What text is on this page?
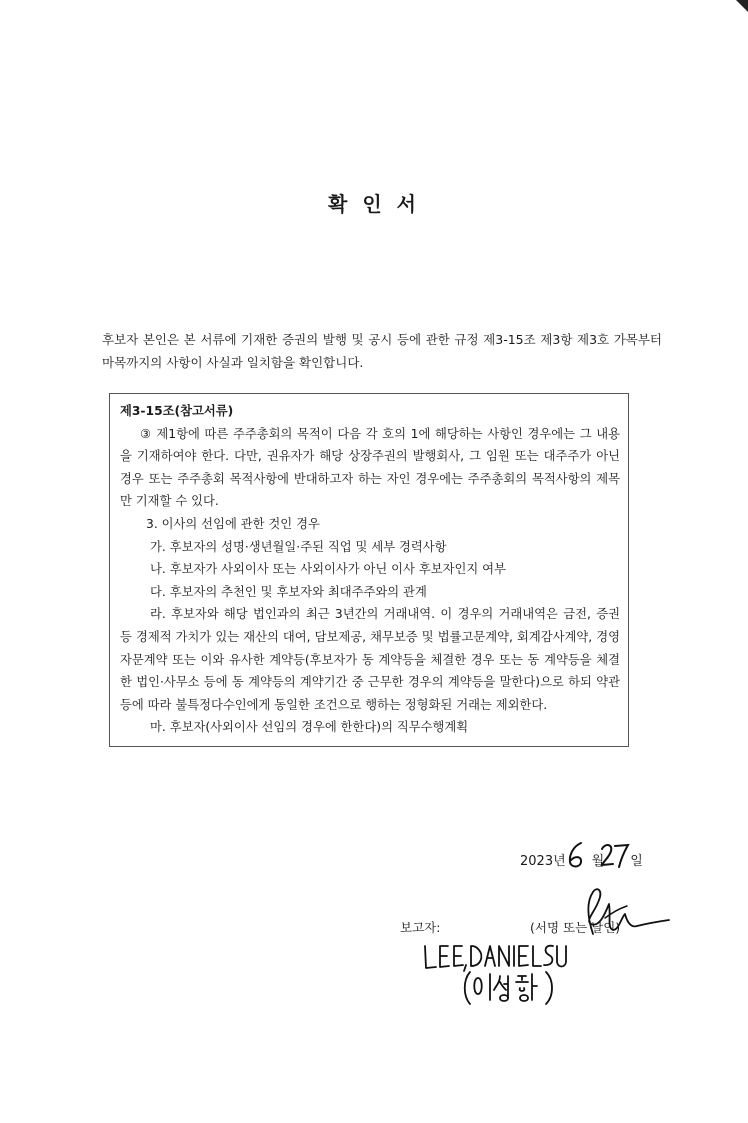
확 인 서
후보자 본인은 본 서류에 기재한 증권의 발행 및 공시 등에 관한 규정 제3-15조 제3항 제3호 가목부터 마목까지의 사항이 사실과 일치함을 확인합니다.
제3-15조(참고서류)
③ 제1항에 따른 주주총회의 목적이 다음 각 호의 1에 해당하는 사항인 경우에는 그 내용을 기재하여야 한다. 다만, 권유자가 해당 상장주권의 발행회사, 그 임원 또는 대주주가 아닌 경우 또는 주주총회 목적사항에 반대하고자 하는 자인 경우에는 주주총회의 목적사항의 제목만 기재할 수 있다.
3. 이사의 선임에 관한 것인 경우
가. 후보자의 성명·생년월일·주된 직업 및 세부 경력사항
나. 후보자가 사외이사 또는 사외이사가 아닌 이사 후보자인지 여부
다. 후보자의 추천인 및 후보자와 최대주주와의 관계
라. 후보자와 해당 법인과의 최근 3년간의 거래내역. 이 경우의 거래내역은 금전, 증권 등 경제적 가치가 있는 재산의 대여, 담보제공, 채무보증 및 법률고문계약, 회계감사계약, 경영자문계약 또는 이와 유사한 계약등(후보자가 동 계약등을 체결한 경우 또는 동 계약등을 체결한 법인·사무소 등에 동 계약등의 계약기간 중 근무한 경우의 계약등을 말한다)으로 하되 약관 등에 따라 불특정다수인에게 동일한 조건으로 행하는 정형화된 거래는 제외한다.
마. 후보자(사외이사 선임의 경우에 한한다)의 직무수행계획
2023년 월 일
보고자:	(서명 또는 날인)
